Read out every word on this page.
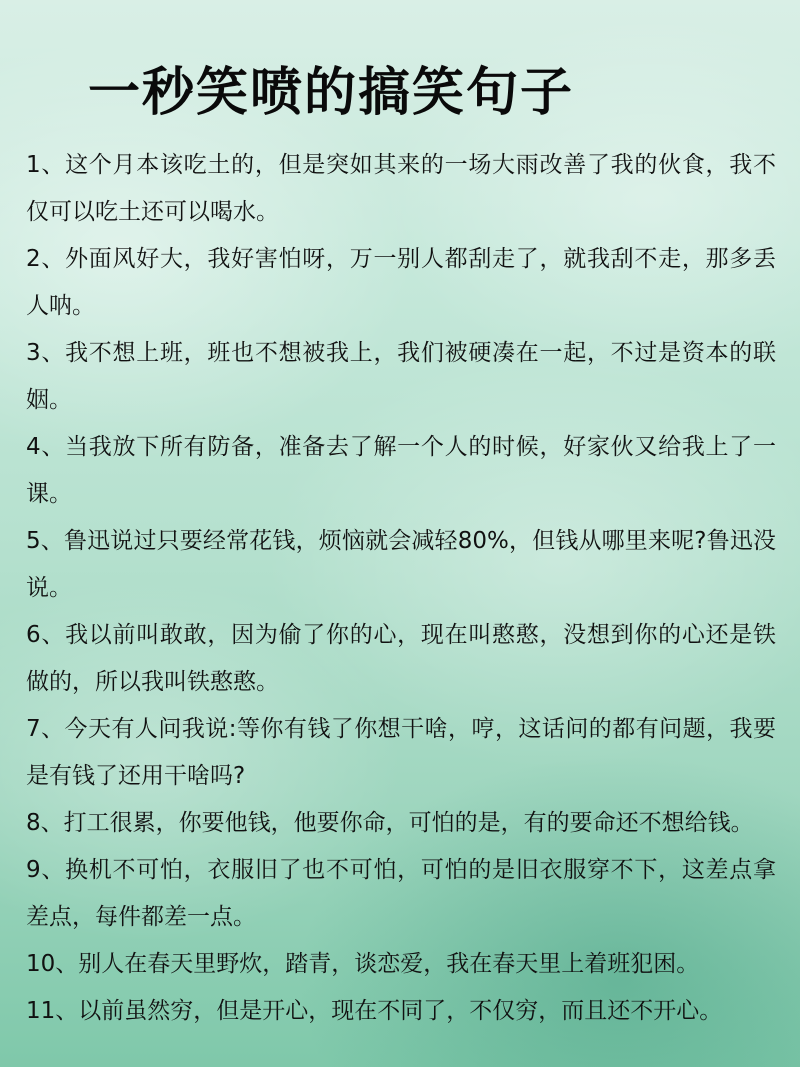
一秒笑喷的搞笑句子
1、这个月本该吃土的，但是突如其来的一场大雨改善了我的伙食，我不仅可以吃土还可以喝水。
2、外面风好大，我好害怕呀，万一别人都刮走了，就我刮不走，那多丢人呐。
3、我不想上班，班也不想被我上，我们被硬凑在一起，不过是资本的联姻。
4、当我放下所有防备，准备去了解一个人的时候，好家伙又给我上了一课。
5、鲁迅说过只要经常花钱，烦恼就会减轻80%，但钱从哪里来呢?鲁迅没说。
6、我以前叫敢敢，因为偷了你的心，现在叫憨憨，没想到你的心还是铁做的，所以我叫铁憨憨。
7、今天有人问我说:等你有钱了你想干啥，哼，这话问的都有问题，我要是有钱了还用干啥吗?
8、打工很累，你要他钱，他要你命，可怕的是，有的要命还不想给钱。
9、换机不可怕，衣服旧了也不可怕，可怕的是旧衣服穿不下，这差点拿差点，每件都差一点。
10、别人在春天里野炊，踏青，谈恋爱，我在春天里上着班犯困。
11、以前虽然穷，但是开心，现在不同了，不仅穷，而且还不开心。
